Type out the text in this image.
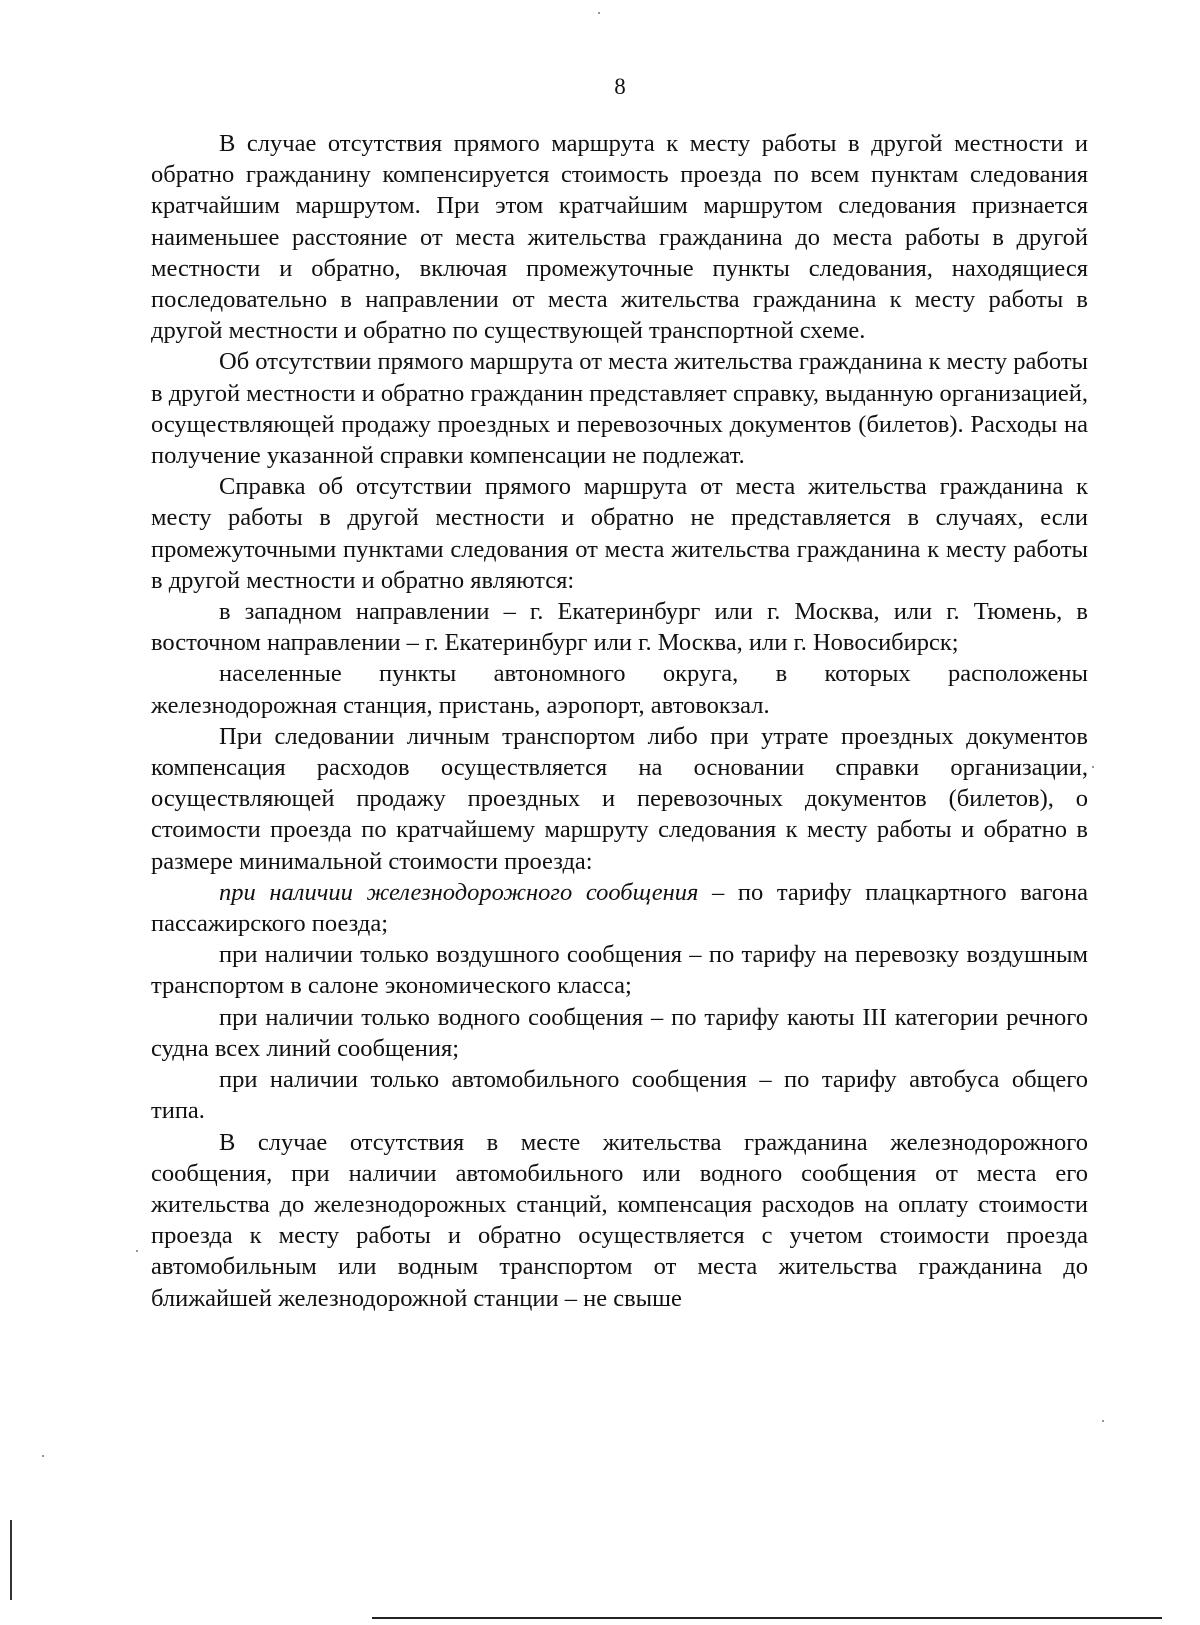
8

В случае отсутствия прямого маршрута к месту работы в другой местности и обратно гражданину компенсируется стоимость проезда по всем пунктам следования кратчайшим маршрутом. При этом кратчайшим маршрутом следования признается наименьшее расстояние от места жительства гражданина до места работы в другой местности и обратно, включая промежуточные пункты следования, находящиеся последовательно в направлении от места жительства гражданина к месту работы в другой местности и обратно по существующей транспортной схеме.

Об отсутствии прямого маршрута от места жительства гражданина к месту работы в другой местности и обратно гражданин представляет справку, выданную организацией, осуществляющей продажу проездных и перевозочных документов (билетов). Расходы на получение указанной справки компенсации не подлежат.

Справка об отсутствии прямого маршрута от места жительства гражданина к месту работы в другой местности и обратно не представляется в случаях, если промежуточными пунктами следования от места жительства гражданина к месту работы в другой местности и обратно являются:

в западном направлении – г. Екатеринбург или г. Москва, или г. Тюмень, в восточном направлении – г. Екатеринбург или г. Москва, или г. Новосибирск;

населенные пункты автономного округа, в которых расположены железнодорожная станция, пристань, аэропорт, автовокзал.

При следовании личным транспортом либо при утрате проездных документов компенсация расходов осуществляется на основании справки организации, осуществляющей продажу проездных и перевозочных документов (билетов), о стоимости проезда по кратчайшему маршруту следования к месту работы и обратно в размере минимальной стоимости проезда:

при наличии железнодорожного сообщения – по тарифу плацкартного вагона пассажирского поезда;

при наличии только воздушного сообщения – по тарифу на перевозку воздушным транспортом в салоне экономического класса;

при наличии только водного сообщения – по тарифу каюты III категории речного судна всех линий сообщения;

при наличии только автомобильного сообщения – по тарифу автобуса общего типа.

В случае отсутствия в месте жительства гражданина железнодорожного сообщения, при наличии автомобильного или водного сообщения от места его жительства до железнодорожных станций, компенсация расходов на оплату стоимости проезда к месту работы и обратно осуществляется с учетом стоимости проезда автомобильным или водным транспортом от места жительства гражданина до ближайшей железнодорожной станции – не свыше
